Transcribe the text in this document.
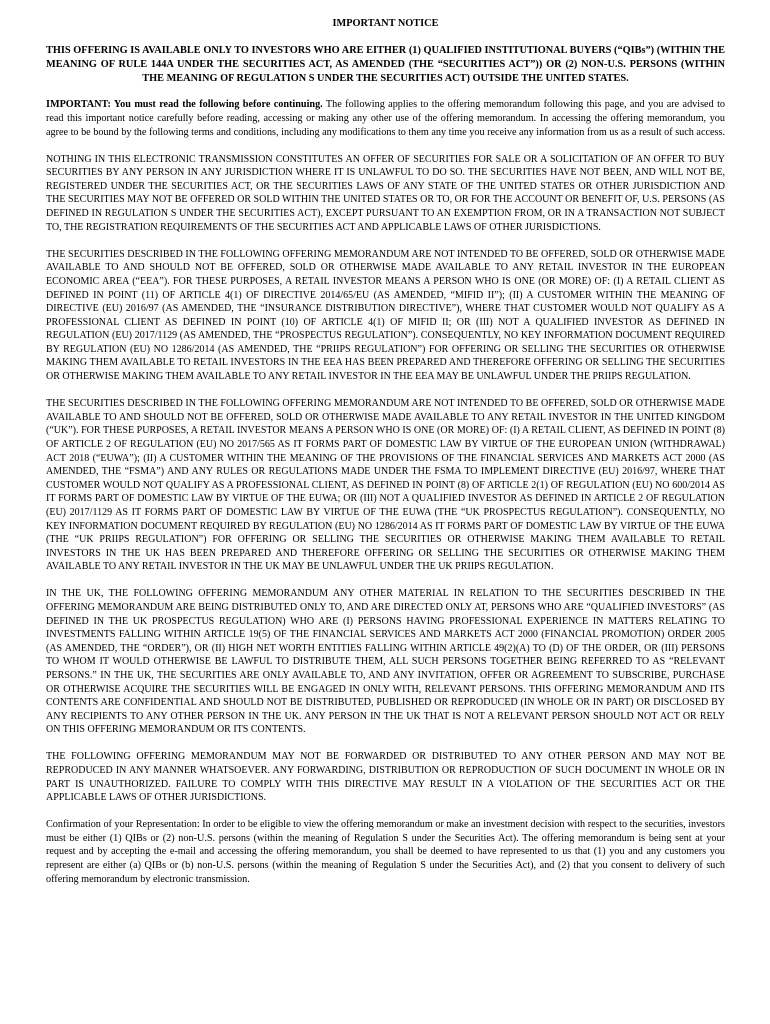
IMPORTANT NOTICE
THIS OFFERING IS AVAILABLE ONLY TO INVESTORS WHO ARE EITHER (1) QUALIFIED INSTITUTIONAL BUYERS (“QIBs”) (WITHIN THE MEANING OF RULE 144A UNDER THE SECURITIES ACT, AS AMENDED (THE “SECURITIES ACT”)) OR (2) NON-U.S. PERSONS (WITHIN THE MEANING OF REGULATION S UNDER THE SECURITIES ACT) OUTSIDE THE UNITED STATES.

IMPORTANT: You must read the following before continuing. The following applies to the offering memorandum following this page, and you are advised to read this important notice carefully before reading, accessing or making any other use of the offering memorandum. In accessing the offering memorandum, you agree to be bound by the following terms and conditions, including any modifications to them any time you receive any information from us as a result of such access.

NOTHING IN THIS ELECTRONIC TRANSMISSION CONSTITUTES AN OFFER OF SECURITIES FOR SALE OR A SOLICITATION OF AN OFFER TO BUY SECURITIES BY ANY PERSON IN ANY JURISDICTION WHERE IT IS UNLAWFUL TO DO SO. THE SECURITIES HAVE NOT BEEN, AND WILL NOT BE, REGISTERED UNDER THE SECURITIES ACT, OR THE SECURITIES LAWS OF ANY STATE OF THE UNITED STATES OR OTHER JURISDICTION AND THE SECURITIES MAY NOT BE OFFERED OR SOLD WITHIN THE UNITED STATES OR TO, OR FOR THE ACCOUNT OR BENEFIT OF, U.S. PERSONS (AS DEFINED IN REGULATION S UNDER THE SECURITIES ACT), EXCEPT PURSUANT TO AN EXEMPTION FROM, OR IN A TRANSACTION NOT SUBJECT TO, THE REGISTRATION REQUIREMENTS OF THE SECURITIES ACT AND APPLICABLE LAWS OF OTHER JURISDICTIONS.

THE SECURITIES DESCRIBED IN THE FOLLOWING OFFERING MEMORANDUM ARE NOT INTENDED TO BE OFFERED, SOLD OR OTHERWISE MADE AVAILABLE TO AND SHOULD NOT BE OFFERED, SOLD OR OTHERWISE MADE AVAILABLE TO ANY RETAIL INVESTOR IN THE EUROPEAN ECONOMIC AREA (“EEA”). FOR THESE PURPOSES, A RETAIL INVESTOR MEANS A PERSON WHO IS ONE (OR MORE) OF: (I) A RETAIL CLIENT AS DEFINED IN POINT (11) OF ARTICLE 4(1) OF DIRECTIVE 2014/65/EU (AS AMENDED, “MIFID II”); (II) A CUSTOMER WITHIN THE MEANING OF DIRECTIVE (EU) 2016/97 (AS AMENDED, THE “INSURANCE DISTRIBUTION DIRECTIVE”), WHERE THAT CUSTOMER WOULD NOT QUALIFY AS A PROFESSIONAL CLIENT AS DEFINED IN POINT (10) OF ARTICLE 4(1) OF MIFID II; OR (III) NOT A QUALIFIED INVESTOR AS DEFINED IN REGULATION (EU) 2017/1129 (AS AMENDED, THE “PROSPECTUS REGULATION”). CONSEQUENTLY, NO KEY INFORMATION DOCUMENT REQUIRED BY REGULATION (EU) NO 1286/2014 (AS AMENDED, THE “PRIIPS REGULATION”) FOR OFFERING OR SELLING THE SECURITIES OR OTHERWISE MAKING THEM AVAILABLE TO RETAIL INVESTORS IN THE EEA HAS BEEN PREPARED AND THEREFORE OFFERING OR SELLING THE SECURITIES OR OTHERWISE MAKING THEM AVAILABLE TO ANY RETAIL INVESTOR IN THE EEA MAY BE UNLAWFUL UNDER THE PRIIPS REGULATION.

THE SECURITIES DESCRIBED IN THE FOLLOWING OFFERING MEMORANDUM ARE NOT INTENDED TO BE OFFERED, SOLD OR OTHERWISE MADE AVAILABLE TO AND SHOULD NOT BE OFFERED, SOLD OR OTHERWISE MADE AVAILABLE TO ANY RETAIL INVESTOR IN THE UNITED KINGDOM (“UK”). FOR THESE PURPOSES, A RETAIL INVESTOR MEANS A PERSON WHO IS ONE (OR MORE) OF: (I) A RETAIL CLIENT, AS DEFINED IN POINT (8) OF ARTICLE 2 OF REGULATION (EU) NO 2017/565 AS IT FORMS PART OF DOMESTIC LAW BY VIRTUE OF THE EUROPEAN UNION (WITHDRAWAL) ACT 2018 (“EUWA”); (II) A CUSTOMER WITHIN THE MEANING OF THE PROVISIONS OF THE FINANCIAL SERVICES AND MARKETS ACT 2000 (AS AMENDED, THE “FSMA”) AND ANY RULES OR REGULATIONS MADE UNDER THE FSMA TO IMPLEMENT DIRECTIVE (EU) 2016/97, WHERE THAT CUSTOMER WOULD NOT QUALIFY AS A PROFESSIONAL CLIENT, AS DEFINED IN POINT (8) OF ARTICLE 2(1) OF REGULATION (EU) NO 600/2014 AS IT FORMS PART OF DOMESTIC LAW BY VIRTUE OF THE EUWA; OR (III) NOT A QUALIFIED INVESTOR AS DEFINED IN ARTICLE 2 OF REGULATION (EU) 2017/1129 AS IT FORMS PART OF DOMESTIC LAW BY VIRTUE OF THE EUWA (THE “UK PROSPECTUS REGULATION”). CONSEQUENTLY, NO KEY INFORMATION DOCUMENT REQUIRED BY REGULATION (EU) NO 1286/2014 AS IT FORMS PART OF DOMESTIC LAW BY VIRTUE OF THE EUWA (THE “UK PRIIPS REGULATION”) FOR OFFERING OR SELLING THE SECURITIES OR OTHERWISE MAKING THEM AVAILABLE TO RETAIL INVESTORS IN THE UK HAS BEEN PREPARED AND THEREFORE OFFERING OR SELLING THE SECURITIES OR OTHERWISE MAKING THEM AVAILABLE TO ANY RETAIL INVESTOR IN THE UK MAY BE UNLAWFUL UNDER THE UK PRIIPS REGULATION.

IN THE UK, THE FOLLOWING OFFERING MEMORANDUM ANY OTHER MATERIAL IN RELATION TO THE SECURITIES DESCRIBED IN THE OFFERING MEMORANDUM ARE BEING DISTRIBUTED ONLY TO, AND ARE DIRECTED ONLY AT, PERSONS WHO ARE “QUALIFIED INVESTORS” (AS DEFINED IN THE UK PROSPECTUS REGULATION) WHO ARE (I) PERSONS HAVING PROFESSIONAL EXPERIENCE IN MATTERS RELATING TO INVESTMENTS FALLING WITHIN ARTICLE 19(5) OF THE FINANCIAL SERVICES AND MARKETS ACT 2000 (FINANCIAL PROMOTION) ORDER 2005 (AS AMENDED, THE “ORDER”), OR (II) HIGH NET WORTH ENTITIES FALLING WITHIN ARTICLE 49(2)(A) TO (D) OF THE ORDER, OR (III) PERSONS TO WHOM IT WOULD OTHERWISE BE LAWFUL TO DISTRIBUTE THEM, ALL SUCH PERSONS TOGETHER BEING REFERRED TO AS “RELEVANT PERSONS.” IN THE UK, THE SECURITIES ARE ONLY AVAILABLE TO, AND ANY INVITATION, OFFER OR AGREEMENT TO SUBSCRIBE, PURCHASE OR OTHERWISE ACQUIRE THE SECURITIES WILL BE ENGAGED IN ONLY WITH, RELEVANT PERSONS. THIS OFFERING MEMORANDUM AND ITS CONTENTS ARE CONFIDENTIAL AND SHOULD NOT BE DISTRIBUTED, PUBLISHED OR REPRODUCED (IN WHOLE OR IN PART) OR DISCLOSED BY ANY RECIPIENTS TO ANY OTHER PERSON IN THE UK. ANY PERSON IN THE UK THAT IS NOT A RELEVANT PERSON SHOULD NOT ACT OR RELY ON THIS OFFERING MEMORANDUM OR ITS CONTENTS.

THE FOLLOWING OFFERING MEMORANDUM MAY NOT BE FORWARDED OR DISTRIBUTED TO ANY OTHER PERSON AND MAY NOT BE REPRODUCED IN ANY MANNER WHATSOEVER. ANY FORWARDING, DISTRIBUTION OR REPRODUCTION OF SUCH DOCUMENT IN WHOLE OR IN PART IS UNAUTHORIZED. FAILURE TO COMPLY WITH THIS DIRECTIVE MAY RESULT IN A VIOLATION OF THE SECURITIES ACT OR THE APPLICABLE LAWS OF OTHER JURISDICTIONS.

Confirmation of your Representation: In order to be eligible to view the offering memorandum or make an investment decision with respect to the securities, investors must be either (1) QIBs or (2) non-U.S. persons (within the meaning of Regulation S under the Securities Act). The offering memorandum is being sent at your request and by accepting the e-mail and accessing the offering memorandum, you shall be deemed to have represented to us that (1) you and any customers you represent are either (a) QIBs or (b) non-U.S. persons (within the meaning of Regulation S under the Securities Act), and (2) that you consent to delivery of such offering memorandum by electronic transmission.
